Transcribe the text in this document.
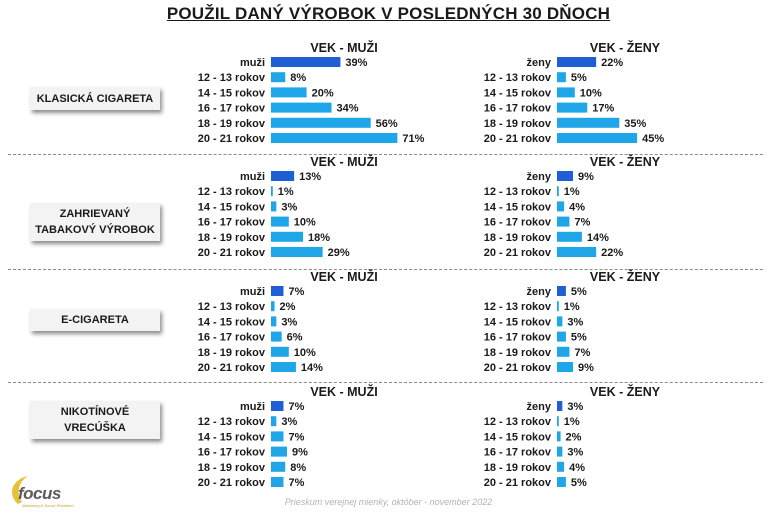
POUŽIL DANÝ VÝROBOK V POSLEDNÝCH 30 DŇOCH
KLASICKÁ CIGARETA
ZAHRIEVANÝ TABAKOVÝ VÝROBOK
E-CIGARETA
NIKOTÍNOVÉ VRECÚŠKA
VEK - MUŽI
muži	39%
12 - 13 rokov 8%
14 - 15 rokov	20%
16 - 17 rokov	34%
18 - 19 rokov	56%
20 - 21 rokov	71%
VEK - ŽENY
ženy	22%
12 - 13 rokov 5%
14 - 15 rokov	10%
16 - 17 rokov	17%
18 - 19 rokov	35%
20 - 21 rokov	45%
VEK - MUŽI
muži	13%
12 - 13 rokov 1%
14 - 15 rokov 3%
16 - 17 rokov	10%
18 - 19 rokov	18%
20 - 21 rokov	29%
VEK - ŽENY
ženy 9%
12 - 13 rokov 1%
14 - 15 rokov 4%
16 - 17 rokov 7%
18 - 19 rokov	14%
20 - 21 rokov	22%
VEK - MUŽI
muži 7%
12 - 13 rokov 2%
14 - 15 rokov 3%
16 - 17 rokov 6%
18 - 19 rokov	10%
20 - 21 rokov	14%
VEK - ŽENY
ženy 5%
12 - 13 rokov 1%
14 - 15 rokov 3%
16 - 17 rokov 5%
18 - 19 rokov 7%
20 - 21 rokov 9%
VEK - MUŽI
muži 7%
12 - 13 rokov 3%
14 - 15 rokov 7%
16 - 17 rokov 9%
18 - 19 rokov 8%
20 - 21 rokov 7%
VEK - ŽENY
ženy 3%
12 - 13 rokov 1%
14 - 15 rokov 2%
16 - 17 rokov 3%
18 - 19 rokov 4%
20 - 21 rokov 5%
focus
Marketing & Social Research	Prieskum verejnej mienky, október - november 2022
